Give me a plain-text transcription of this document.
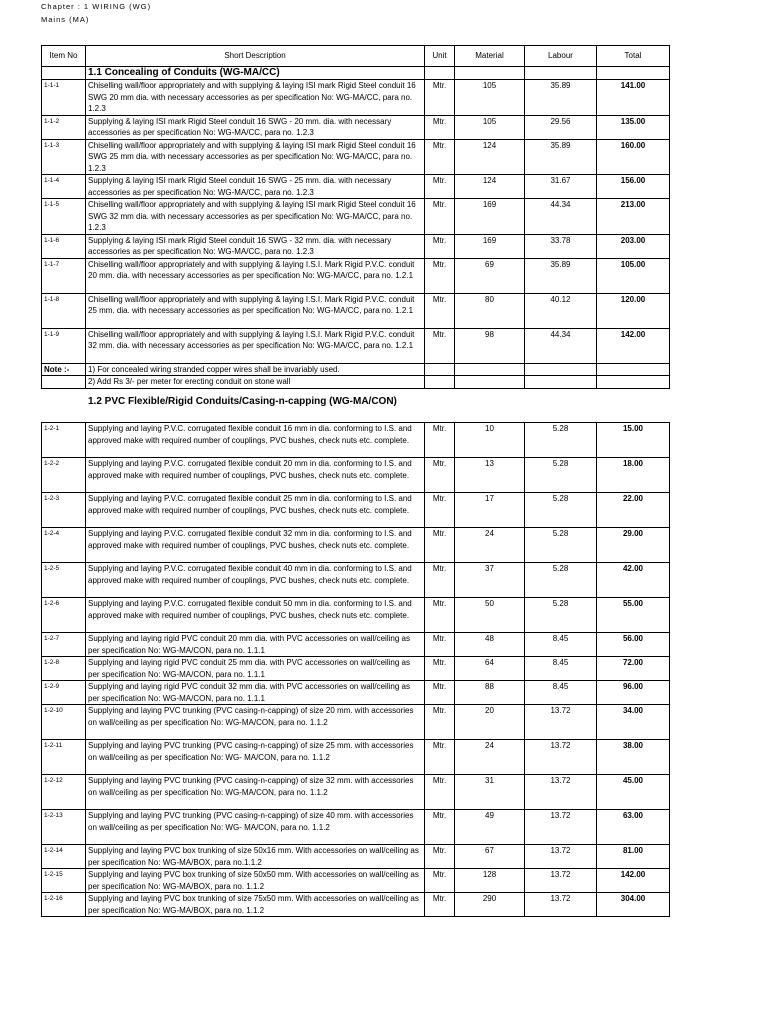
Chapter : 1 WIRING (WG)
Mains (MA)
Item No	Short Description	Unit	Material	Labour	Total
	1.1 Concealing of Conduits (WG-MA/CC)				
1-1-1	Chiselling wall/floor appropriately and with supplying & laying ISI mark Rigid Steel conduit 16 SWG 20 mm dia. with necessary accessories as per specification No: WG-MA/CC, para no. 1.2.3	Mtr.	105	35.89	141.00
1-1-2	Supplying & laying ISI mark Rigid Steel conduit 16 SWG - 20 mm. dia. with necessary accessories as per specification No: WG-MA/CC, para no. 1.2.3	Mtr.	105	29.56	135.00
1-1-3	Chiselling wall/floor appropriately and with supplying & laying ISI mark Rigid Steel conduit 16 SWG 25 mm dia. with necessary accessories as per specification No: WG-MA/CC, para no. 1.2.3	Mtr.	124	35.89	160.00
1-1-4	Supplying & laying ISI mark Rigid Steel conduit 16 SWG - 25 mm. dia. with necessary accessories as per specification No: WG-MA/CC, para no. 1.2.3	Mtr.	124	31.67	156.00
1-1-5	Chiselling wall/floor appropriately and with supplying & laying ISI mark Rigid Steel conduit 16 SWG 32 mm dia. with necessary accessories as per specification No: WG-MA/CC, para no. 1.2.3	Mtr.	169	44.34	213.00
1-1-6	Supplying & laying ISI mark Rigid Steel conduit 16 SWG - 32 mm. dia. with necessary accessories as per specification No: WG-MA/CC, para no. 1.2.3	Mtr.	169	33.78	203.00
1-1-7	Chiselling wall/floor appropriately and with supplying & laying I.S.I. Mark Rigid P.V.C. conduit 20 mm. dia. with necessary accessories as per specification No: WG-MA/CC, para no. 1.2.1	Mtr.	69	35.89	105.00
1-1-8	Chiselling wall/floor appropriately and with supplying & laying I.S.I. Mark Rigid P.V.C. conduit 25 mm. dia. with necessary accessories as per specification No: WG-MA/CC, para no. 1.2.1	Mtr.	80	40.12	120.00
1-1-9	Chiselling wall/floor appropriately and with supplying & laying I.S.I. Mark Rigid P.V.C. conduit 32 mm. dia. with necessary accessories as per specification No: WG-MA/CC, para no. 1.2.1	Mtr.	98	44.34	142.00
Note :-	1) For concealed wiring stranded copper wires shall be invariably used.				
	2) Add Rs 3/- per meter for erecting conduit on stone wall				
1.2 PVC Flexible/Rigid Conduits/Casing-n-capping (WG-MA/CON)
1-2-1	Supplying and laying P.V.C. corrugated flexible conduit 16 mm in dia. conforming to I.S. and approved make with required number of couplings, PVC bushes, check nuts etc. complete.	Mtr.	10	5.28	15.00
1-2-2	Supplying and laying P.V.C. corrugated flexible conduit 20 mm in dia. conforming to I.S. and approved make with required number of couplings, PVC bushes, check nuts etc. complete.	Mtr.	13	5.28	18.00
1-2-3	Supplying and laying P.V.C. corrugated flexible conduit 25 mm in dia. conforming to I.S. and approved make with required number of couplings, PVC bushes, check nuts etc. complete.	Mtr.	17	5.28	22.00
1-2-4	Supplying and laying P.V.C. corrugated flexible conduit 32 mm in dia. conforming to I.S. and approved make with required number of couplings, PVC bushes, check nuts etc. complete.	Mtr.	24	5.28	29.00
1-2-5	Supplying and laying P.V.C. corrugated flexible conduit 40 mm in dia. conforming to I.S. and approved make with required number of couplings, PVC bushes, check nuts etc. complete.	Mtr.	37	5.28	42.00
1-2-6	Supplying and laying P.V.C. corrugated flexible conduit 50 mm in dia. conforming to I.S. and approved make with required number of couplings, PVC bushes, check nuts etc. complete.	Mtr.	50	5.28	55.00
1-2-7	Supplying and laying rigid PVC conduit 20 mm dia. with PVC accessories on wall/ceiling as per specification No: WG-MA/CON, para no. 1.1.1	Mtr.	48	8.45	56.00
1-2-8	Supplying and laying rigid PVC conduit 25 mm dia. with PVC accessories on wall/ceiling as per specification No: WG-MA/CON, para no. 1.1.1	Mtr.	64	8.45	72.00
1-2-9	Supplying and laying rigid PVC conduit 32 mm dia. with PVC accessories on wall/ceiling as per specification No: WG-MA/CON, para no. 1.1.1	Mtr.	88	8.45	96.00
1-2-10	Supplying and laying PVC trunking (PVC casing-n-capping) of size 20 mm. with accessories on wall/ceiling as per specification No: WG-MA/CON, para no. 1.1.2	Mtr.	20	13.72	34.00
1-2-11	Supplying and laying PVC trunking (PVC casing-n-capping) of size 25 mm. with accessories on wall/ceiling as per specification No: WG- MA/CON, para no. 1.1.2	Mtr.	24	13.72	38.00
1-2-12	Supplying and laying PVC trunking (PVC casing-n-capping) of size 32 mm. with accessories on wall/ceiling as per specification No: WG-MA/CON, para no. 1.1.2	Mtr.	31	13.72	45.00
1-2-13	Supplying and laying PVC trunking (PVC casing-n-capping) of size 40 mm. with accessories on wall/ceiling as per specification No: WG- MA/CON, para no. 1.1.2	Mtr.	49	13.72	63.00
1-2-14	Supplying and laying PVC box trunking of size 50x16 mm. With accessories on wall/ceiling as per specification No: WG-MA/BOX, para no.1.1.2	Mtr.	67	13.72	81.00
1-2-15	Supplying and laying PVC box trunking of size 50x50 mm. With accessories on wall/ceiling as per specification No: WG-MA/BOX, para no. 1.1.2	Mtr.	128	13.72	142.00
1-2-16	Supplying and laying PVC box trunking of size 75x50 mm. With accessories on wall/ceiling as per specification No: WG-MA/BOX, para no. 1.1.2	Mtr.	290	13.72	304.00
